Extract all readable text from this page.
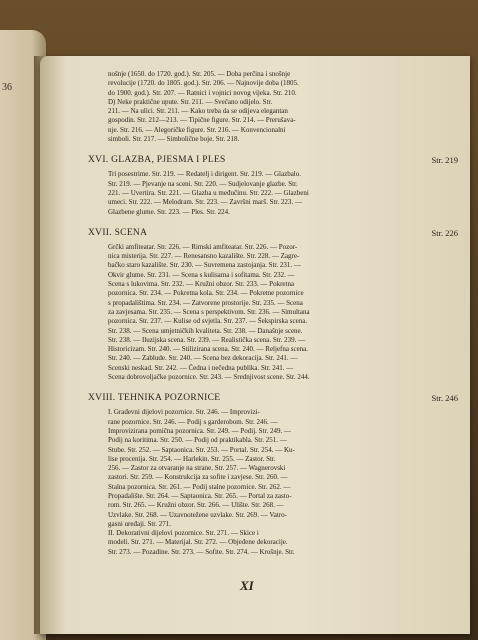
36
nošnje (1650. do 1720. god.). Str. 205. — Doba perčina i snošnje
revolucije (1720. do 1805. god.). Str. 206. — Najnovije doba (1805.
do 1900. god.). Str. 207. — Ratnici i vojnici novog vijeka. Str. 210.
D) Neke praktične upute. Str. 211. — Svečano odijelo. Str.
211. — Na ulici. Str. 211. — Kako treba da se odijeva elegantan
gospodin. Str. 212—213. — Tipične figure. Str. 214. — Prerušava-
nje. Str. 216. — Alegoričke figure. Str. 216. — Konvencionalni
simboli. Str. 217. — Simbolične boje. Str. 218.
XVI. GLAZBA, PJESMA I PLES	Str. 219
Tri posestrime. Str. 219. — Redatelj i dirigent. Str. 219. — Glazbalo.
Str. 219. — Pjevanje na sceni. Str. 220. — Sudjelovanje glazbe. Str.
221. — Uvertira. Str. 221. — Glazba u međučinu. Str. 222. — Glazbeni
umeci. Str. 222. — Melodram. Str. 223. — Završni marš. Str. 223. —
Glazbene glume. Str. 223. — Ples. Str. 224.
XVII. SCENA	Str. 226
Grčki amfiteatar. Str. 226. — Rimski amfiteatar. Str. 226. — Pozor-
nica misterija. Str. 227. — Renesansno kazalište. Str. 228. — Zagre-
bačko staro kazalište. Str. 230. — Suvremena zastojanja. Str. 231. —
Okvir glume. Str. 231. — Scena s kulisama i sofitama. Str. 232. —
Scena s lukovima. Str. 232. — Kružni obzor. Str. 233. — Pokretna
pozornica. Str. 234. — Pokretna kola. Str. 234. — Pokretne pozornice
s propadalištima. Str. 234. — Zatvorene prostorije. Str. 235. — Scena
za zavjesama. Str. 235. — Scena s perspektivom. Str. 236. — Simultana
pozornica. Str. 237. — Kulise od svjetla. Str. 237. — Šekspirska scena.
Str. 238. — Scena umjetničkih kvaliteta. Str. 238. — Današnje scene.
Str. 238. — Iluzijska scena. Str. 239. — Realistička scena. Str. 239. —
Historicizam. Str. 240. — Stilizirana scena. Str. 240. — Reljefna scena.
Str. 240. — Zablude. Str. 240. — Scena bez dekoracija. Str. 241. —
Scenski neskad. Str. 242. — Čedna i nečedna publika. Str. 241. —
Scena dobrovoljačke pozornice. Str. 243. — Srednjivost scene. Str. 244.
XVIII. TEHNIKA POZORNICE	Str. 246
I. Građevni dijelovi pozornice. Str. 246. — Improvizi-
rane pozornice. Str. 246. — Podij s garderobom. Str. 246. —
Improvizirana pomična pozornica. Str. 249. — Podij. Str. 249. —
Podij na koritima. Str. 250. — Podij od praktikabla. Str. 251. —
Stube. Str. 252. — Saptaonica. Str. 253. — Portal. Str. 254. — Ku-
lise procenija. Str. 254. — Harlekin. Str. 255. — Zastor. Str.
256. — Zastor za otvaranje na strane. Str. 257. — Wagnerovski
zastori. Str. 259. — Konstrukcija za sofite i zavjese. Str. 260. —
Stalna pozornica. Str. 261. — Podij stalne pozornice. Str. 262. —
Propadalište. Str. 264. — Saptaonica. Str. 265. — Portal za zasto-
rom. Str. 265. — Kružni obzor. Str. 266. — Ulište. Str. 268. —
Uzvlake. Str. 268. — Uzavnotežene uzvlake. Str. 269. — Vatro-
gasni uređaji. Str. 271.
II. Dekorativni dijelovi pozornice. Str. 271. — Skice i
modeli. Str. 271. — Materijal. Str. 272. — Objeđene dekoracije.
Str. 273. — Pozadine. Str. 273. — Sofite. Str. 274. — Krošnje. Str.
XI
